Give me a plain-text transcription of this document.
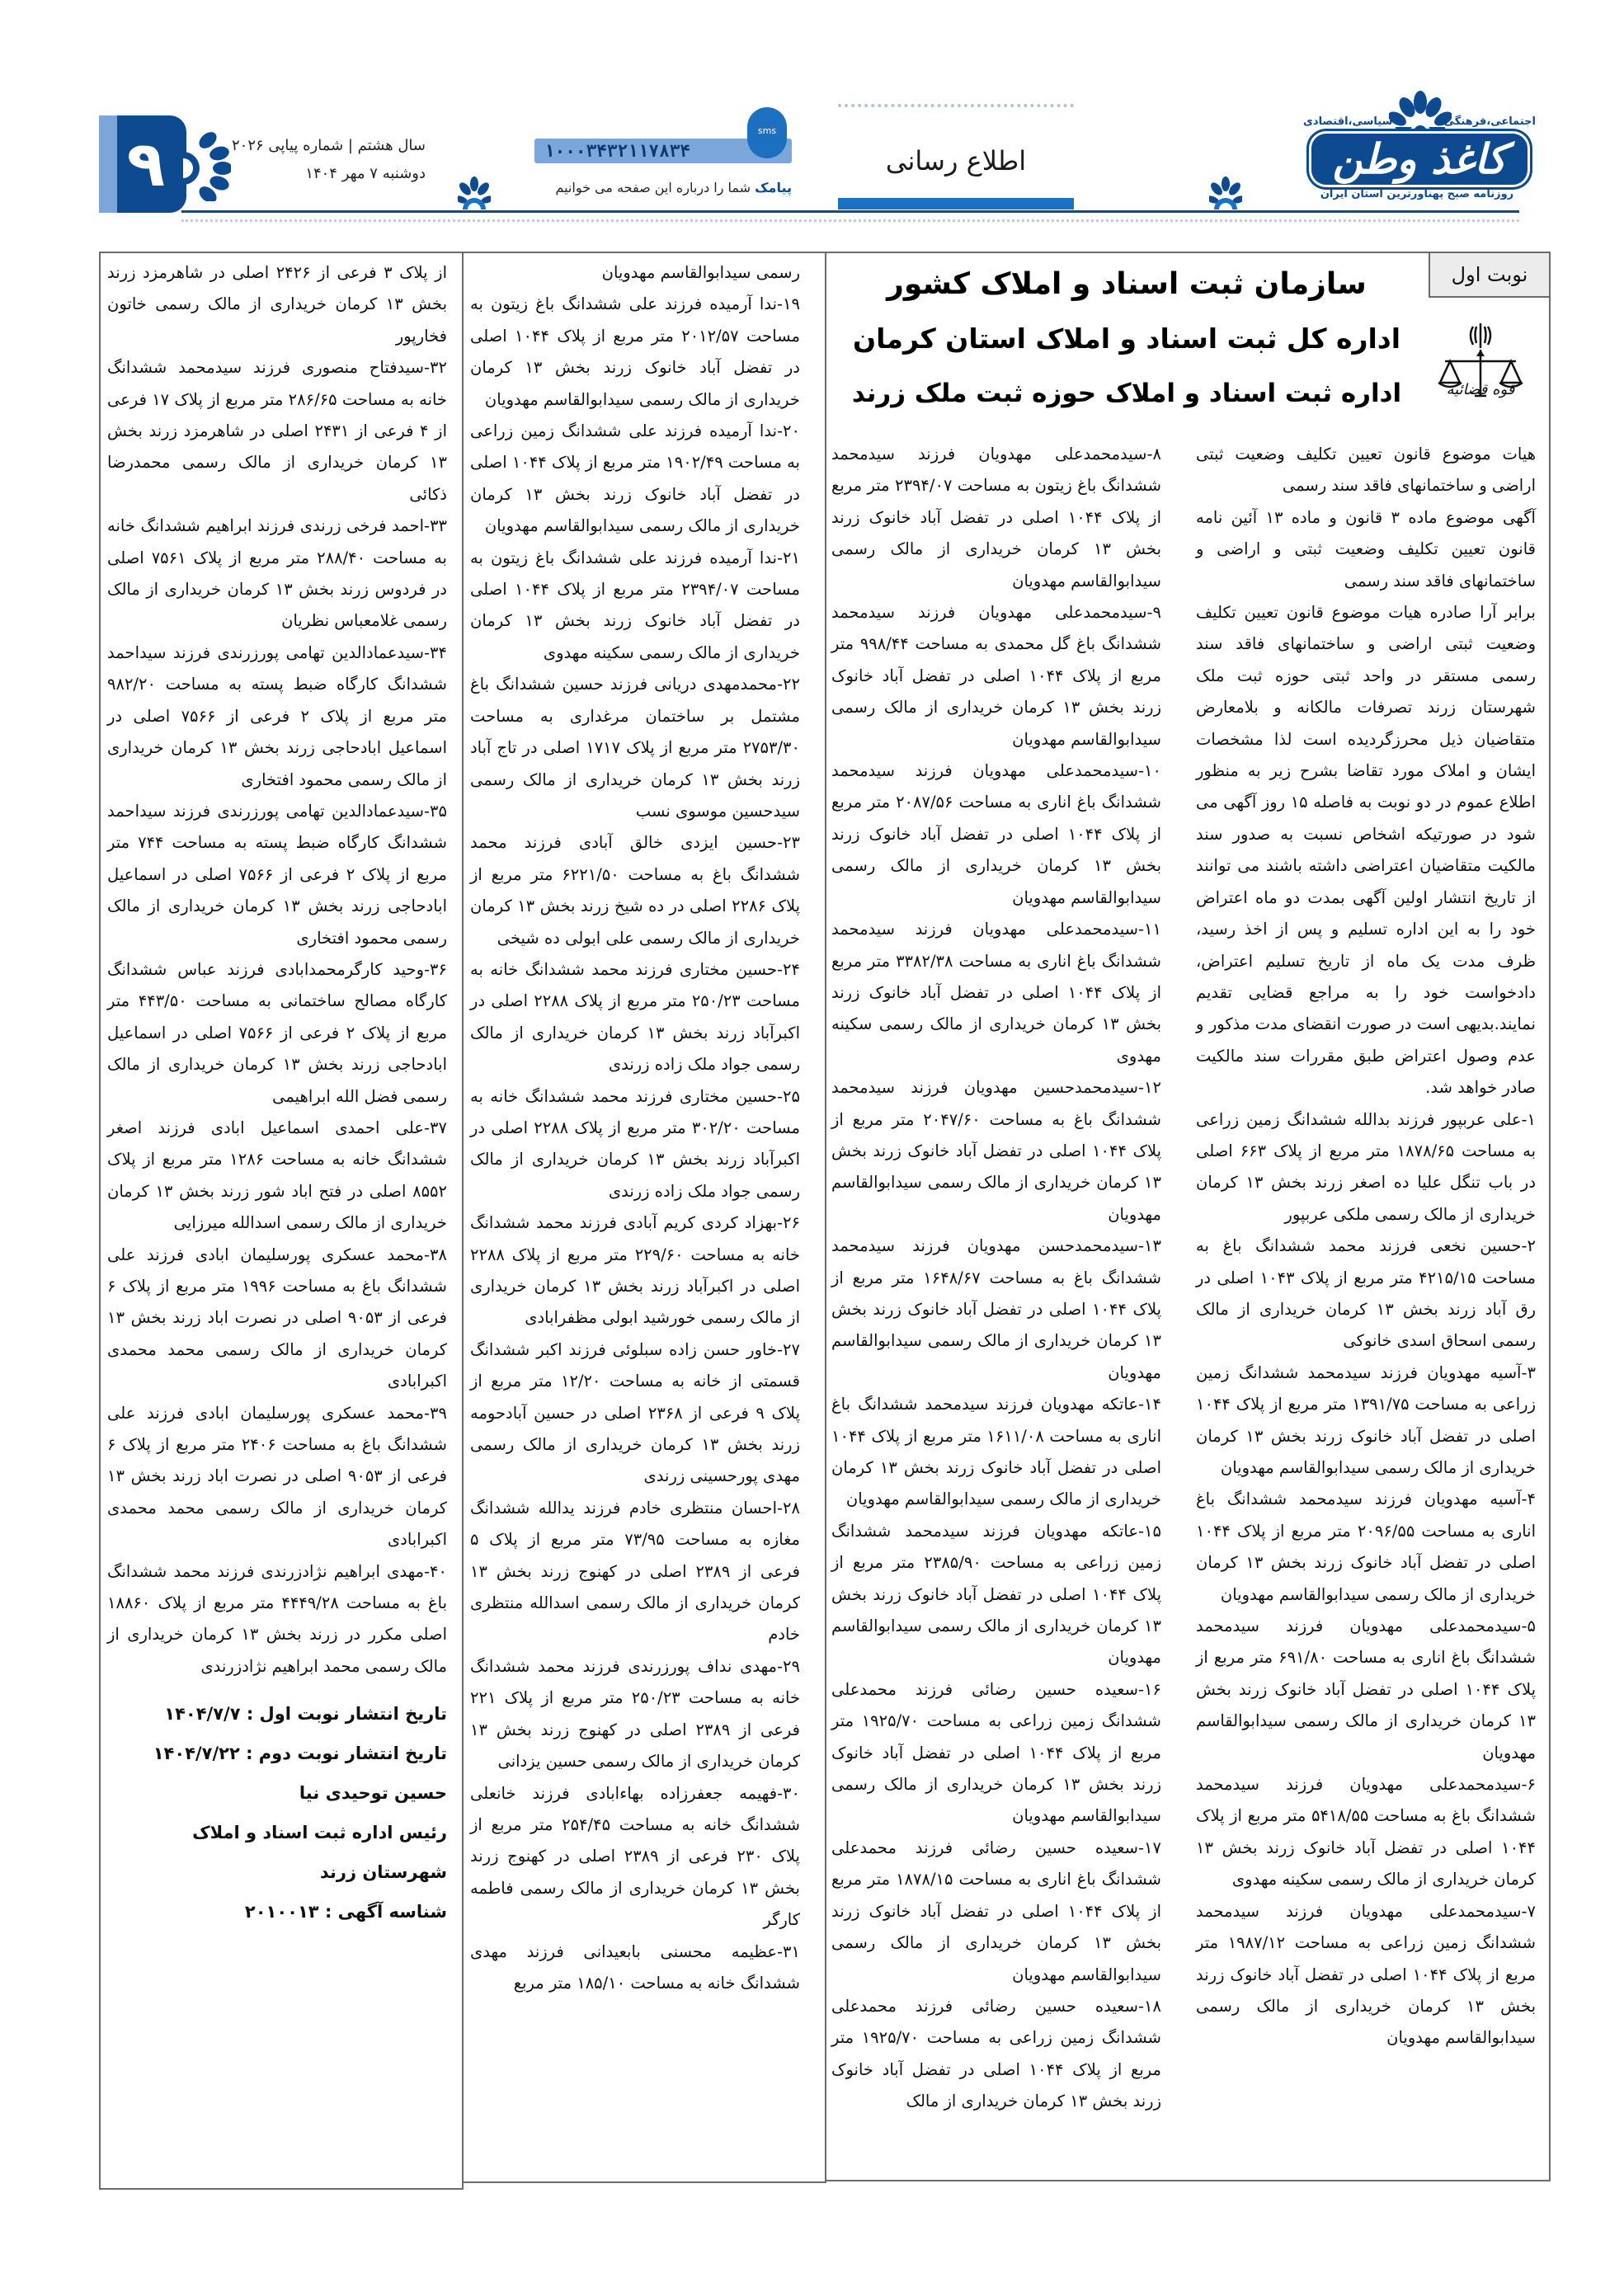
اجتماعی،فرهنگی
سیاسی،اقتصادی
کاغذ وطن
روزنامه صبح پهناورترین استان ایران
اطلاع رسانی
۱۰۰۰۳۴۳۲۱۱۷۸۳۴
sms
پیامک شما را درباره این صفحه می خوانیم
سال هشتم | شماره پیاپی ۲۰۲۶
دوشنبه ۷ مهر ۱۴۰۴
۹
نوبت اول
قوه قضائیه
سازمان ثبت اسناد و املاک کشور
اداره کل ثبت اسناد و املاک استان کرمان
اداره ثبت اسناد و املاک حوزه ثبت ملک زرند

هیات موضوع قانون تعیین تکلیف وضعیت ثبتی اراضی و ساختمانهای فاقد سند رسمی

آگهی موضوع ماده ۳ قانون و ماده ۱۳ آئین نامه قانون تعیین تکلیف وضعیت ثبتی و اراضی و ساختمانهای فاقد سند رسمی

برابر آرا صادره هیات موضوع قانون تعیین تکلیف وضعیت ثبتی اراضی و ساختمانهای فاقد سند رسمی مستقر در واحد ثبتی حوزه ثبت ملک شهرستان زرند تصرفات مالکانه و بلامعارض متقاضیان ذیل محرزگردیده است لذا مشخصات ایشان و املاک مورد تقاضا بشرح زیر به منظور اطلاع عموم در دو نوبت به فاصله ۱۵ روز آگهی می شود در صورتیکه اشخاص نسبت به صدور سند مالکیت متقاضیان اعتراضی داشته باشند می توانند از تاریخ انتشار اولین آگهی بمدت دو ماه اعتراض خود را به این اداره تسلیم و پس از اخذ رسید، ظرف مدت یک ماه از تاریخ تسلیم اعتراض، دادخواست خود را به مراجع قضایی تقدیم نمایند.بدیهی است در صورت انقضای مدت مذکور و عدم وصول اعتراض طبق مقررات سند مالکیت صادر خواهد شد.

۱-علی عربپور فرزند بدالله ششدانگ زمین زراعی به مساحت ۱۸۷۸/۶۵ متر مربع از پلاک ۶۶۳ اصلی در باب تنگل علیا ده اصغر زرند بخش ۱۳ کرمان خریداری از مالک رسمی ملکی عربپور

۲-حسین نخعی فرزند محمد ششدانگ باغ به مساحت ۴۲۱۵/۱۵ متر مربع از پلاک ۱۰۴۳ اصلی در رق آباد زرند بخش ۱۳ کرمان خریداری از مالک رسمی اسحاق اسدی خانوکی

۳-آسیه مهدویان فرزند سیدمحمد ششدانگ زمین زراعی به مساحت ۱۳۹۱/۷۵ متر مربع از پلاک ۱۰۴۴ اصلی در تفضل آباد خانوک زرند بخش ۱۳ کرمان خریداری از مالک رسمی سیدابوالقاسم مهدویان

۴-آسیه مهدویان فرزند سیدمحمد ششدانگ باغ اناری به مساحت ۲۰۹۶/۵۵ متر مربع از پلاک ۱۰۴۴ اصلی در تفضل آباد خانوک زرند بخش ۱۳ کرمان خریداری از مالک رسمی سیدابوالقاسم مهدویان

۵-سیدمحمدعلی مهدویان فرزند سیدمحمد ششدانگ باغ اناری به مساحت ۶۹۱/۸۰ متر مربع از پلاک ۱۰۴۴ اصلی در تفضل آباد خانوک زرند بخش ۱۳ کرمان خریداری از مالک رسمی سیدابوالقاسم مهدویان

۶-سیدمحمدعلی مهدویان فرزند سیدمحمد ششدانگ باغ به مساحت ۵۴۱۸/۵۵ متر مربع از پلاک ۱۰۴۴ اصلی در تفضل آباد خانوک زرند بخش ۱۳ کرمان خریداری از مالک رسمی سکینه مهدوی

۷-سیدمحمدعلی مهدویان فرزند سیدمحمد ششدانگ زمین زراعی به مساحت ۱۹۸۷/۱۲ متر مربع از پلاک ۱۰۴۴ اصلی در تفضل آباد خانوک زرند بخش ۱۳ کرمان خریداری از مالک رسمی سیدابوالقاسم مهدویان

۸-سیدمحمدعلی مهدویان فرزند سیدمحمد ششدانگ باغ زیتون به مساحت ۲۳۹۴/۰۷ متر مربع از پلاک ۱۰۴۴ اصلی در تفضل آباد خانوک زرند بخش ۱۳ کرمان خریداری از مالک رسمی سیدابوالقاسم مهدویان

۹-سیدمحمدعلی مهدویان فرزند سیدمحمد ششدانگ باغ گل محمدی به مساحت ۹۹۸/۴۴ متر مربع از پلاک ۱۰۴۴ اصلی در تفضل آباد خانوک زرند بخش ۱۳ کرمان خریداری از مالک رسمی سیدابوالقاسم مهدویان

۱۰-سیدمحمدعلی مهدویان فرزند سیدمحمد ششدانگ باغ اناری به مساحت ۲۰۸۷/۵۶ متر مربع از پلاک ۱۰۴۴ اصلی در تفضل آباد خانوک زرند بخش ۱۳ کرمان خریداری از مالک رسمی سیدابوالقاسم مهدویان

۱۱-سیدمحمدعلی مهدویان فرزند سیدمحمد ششدانگ باغ اناری به مساحت ۳۳۸۲/۳۸ متر مربع از پلاک ۱۰۴۴ اصلی در تفضل آباد خانوک زرند بخش ۱۳ کرمان خریداری از مالک رسمی سکینه مهدوی

۱۲-سیدمحمدحسین مهدویان فرزند سیدمحمد ششدانگ باغ به مساحت ۲۰۴۷/۶۰ متر مربع از پلاک ۱۰۴۴ اصلی در تفضل آباد خانوک زرند بخش ۱۳ کرمان خریداری از مالک رسمی سیدابوالقاسم مهدویان

۱۳-سیدمحمدحسن مهدویان فرزند سیدمحمد ششدانگ باغ به مساحت ۱۶۴۸/۶۷ متر مربع از پلاک ۱۰۴۴ اصلی در تفضل آباد خانوک زرند بخش ۱۳ کرمان خریداری از مالک رسمی سیدابوالقاسم مهدویان

۱۴-عاتکه مهدویان فرزند سیدمحمد ششدانگ باغ اناری به مساحت ۱۶۱۱/۰۸ متر مربع از پلاک ۱۰۴۴ اصلی در تفضل آباد خانوک زرند بخش ۱۳ کرمان خریداری از مالک رسمی سیدابوالقاسم مهدویان

۱۵-عاتکه مهدویان فرزند سیدمحمد ششدانگ زمین زراعی به مساحت ۲۳۸۵/۹۰ متر مربع از پلاک ۱۰۴۴ اصلی در تفضل آباد خانوک زرند بخش ۱۳ کرمان خریداری از مالک رسمی سیدابوالقاسم مهدویان

۱۶-سعیده حسین رضائی فرزند محمدعلی ششدانگ زمین زراعی به مساحت ۱۹۲۵/۷۰ متر مربع از پلاک ۱۰۴۴ اصلی در تفضل آباد خانوک زرند بخش ۱۳ کرمان خریداری از مالک رسمی سیدابوالقاسم مهدویان

۱۷-سعیده حسین رضائی فرزند محمدعلی ششدانگ باغ اناری به مساحت ۱۸۷۸/۱۵ متر مربع از پلاک ۱۰۴۴ اصلی در تفضل آباد خانوک زرند بخش ۱۳ کرمان خریداری از مالک رسمی سیدابوالقاسم مهدویان

۱۸-سعیده حسین رضائی فرزند محمدعلی ششدانگ زمین زراعی به مساحت ۱۹۲۵/۷۰ متر مربع از پلاک ۱۰۴۴ اصلی در تفضل آباد خانوک زرند بخش ۱۳ کرمان خریداری از مالک

رسمی سیدابوالقاسم مهدویان

۱۹-ندا آرمیده فرزند علی ششدانگ باغ زیتون به مساحت ۲۰۱۲/۵۷ متر مربع از پلاک ۱۰۴۴ اصلی در تفضل آباد خانوک زرند بخش ۱۳ کرمان خریداری از مالک رسمی سیدابوالقاسم مهدویان

۲۰-ندا آرمیده فرزند علی ششدانگ زمین زراعی به مساحت ۱۹۰۲/۴۹ متر مربع از پلاک ۱۰۴۴ اصلی در تفضل آباد خانوک زرند بخش ۱۳ کرمان خریداری از مالک رسمی سیدابوالقاسم مهدویان

۲۱-ندا آرمیده فرزند علی ششدانگ باغ زیتون به مساحت ۲۳۹۴/۰۷ متر مربع از پلاک ۱۰۴۴ اصلی در تفضل آباد خانوک زرند بخش ۱۳ کرمان خریداری از مالک رسمی سکینه مهدوی

۲۲-محمدمهدی دریانی فرزند حسین ششدانگ باغ مشتمل بر ساختمان مرغداری به مساحت ۲۷۵۳/۳۰ متر مربع از پلاک ۱۷۱۷ اصلی در تاج آباد زرند بخش ۱۳ کرمان خریداری از مالک رسمی سیدحسین موسوی نسب

۲۳-حسین ایزدی خالق آبادی فرزند محمد ششدانگ باغ به مساحت ۶۲۲۱/۵۰ متر مربع از پلاک ۲۲۸۶ اصلی در ده شیخ زرند بخش ۱۳ کرمان خریداری از مالک رسمی علی ابولی ده شیخی

۲۴-حسین مختاری فرزند محمد ششدانگ خانه به مساحت ۲۵۰/۲۳ متر مربع از پلاک ۲۲۸۸ اصلی در اکبرآباد زرند بخش ۱۳ کرمان خریداری از مالک رسمی جواد ملک زاده زرندی

۲۵-حسین مختاری فرزند محمد ششدانگ خانه به مساحت ۳۰۲/۲۰ متر مربع از پلاک ۲۲۸۸ اصلی در اکبرآباد زرند بخش ۱۳ کرمان خریداری از مالک رسمی جواد ملک زاده زرندی

۲۶-بهزاد کردی کریم آبادی فرزند محمد ششدانگ خانه به مساحت ۲۲۹/۶۰ متر مربع از پلاک ۲۲۸۸ اصلی در اکبرآباد زرند بخش ۱۳ کرمان خریداری از مالک رسمی خورشید ابولی مظفرابادی

۲۷-خاور حسن زاده سبلوئی فرزند اکبر ششدانگ قسمتی از خانه به مساحت ۱۲/۲۰ متر مربع از پلاک ۹ فرعی از ۲۳۶۸ اصلی در حسین آبادحومه زرند بخش ۱۳ کرمان خریداری از مالک رسمی مهدی پورحسینی زرندی

۲۸-احسان منتظری خادم فرزند یدالله ششدانگ مغازه به مساحت ۷۳/۹۵ متر مربع از پلاک ۵ فرعی از ۲۳۸۹ اصلی در کهنوج زرند بخش ۱۳ کرمان خریداری از مالک رسمی اسدالله منتظری خادم

۲۹-مهدی نداف پورزرندی فرزند محمد ششدانگ خانه به مساحت ۲۵۰/۲۳ متر مربع از پلاک ۲۲۱ فرعی از ۲۳۸۹ اصلی در کهنوج زرند بخش ۱۳ کرمان خریداری از مالک رسمی حسین یزدانی

۳۰-فهیمه جعفرزاده بهاءابادی فرزند خانعلی ششدانگ خانه به مساحت ۲۵۴/۴۵ متر مربع از پلاک ۲۳۰ فرعی از ۲۳۸۹ اصلی در کهنوج زرند بخش ۱۳ کرمان خریداری از مالک رسمی فاطمه کارگر

۳۱-عظیمه محسنی بابعیدانی فرزند مهدی ششدانگ خانه به مساحت ۱۸۵/۱۰ متر مربع

از پلاک ۳ فرعی از ۲۴۲۶ اصلی در شاهرمزد زرند بخش ۱۳ کرمان خریداری از مالک رسمی خاتون فخارپور

۳۲-سیدفتاح منصوری فرزند سیدمحمد ششدانگ خانه به مساحت ۲۸۶/۶۵ متر مربع از پلاک ۱۷ فرعی از ۴ فرعی از ۲۴۳۱ اصلی در شاهرمزد زرند بخش ۱۳ کرمان خریداری از مالک رسمی محمدرضا ذکائی

۳۳-احمد فرخی زرندی فرزند ابراهیم ششدانگ خانه به مساحت ۲۸۸/۴۰ متر مربع از پلاک ۷۵۶۱ اصلی در فردوس زرند بخش ۱۳ کرمان خریداری از مالک رسمی غلامعباس نظریان

۳۴-سیدعمادالدین تهامی پورزرندی فرزند سیداحمد ششدانگ کارگاه ضبط پسته به مساحت ۹۸۲/۲۰ متر مربع از پلاک ۲ فرعی از ۷۵۶۶ اصلی در اسماعیل ابادحاجی زرند بخش ۱۳ کرمان خریداری از مالک رسمی محمود افتخاری

۳۵-سیدعمادالدین تهامی پورزرندی فرزند سیداحمد ششدانگ کارگاه ضبط پسته به مساحت ۷۴۴ متر مربع از پلاک ۲ فرعی از ۷۵۶۶ اصلی در اسماعیل ابادحاجی زرند بخش ۱۳ کرمان خریداری از مالک رسمی محمود افتخاری

۳۶-وحید کارگرمحمدابادی فرزند عباس ششدانگ کارگاه مصالح ساختمانی به مساحت ۴۴۳/۵۰ متر مربع از پلاک ۲ فرعی از ۷۵۶۶ اصلی در اسماعیل ابادحاجی زرند بخش ۱۳ کرمان خریداری از مالک رسمی فضل الله ابراهیمی

۳۷-علی احمدی اسماعیل ابادی فرزند اصغر ششدانگ خانه به مساحت ۱۲۸۶ متر مربع از پلاک ۸۵۵۲ اصلی در فتح اباد شور زرند بخش ۱۳ کرمان خریداری از مالک رسمی اسدالله میرزایی

۳۸-محمد عسکری پورسلیمان ابادی فرزند علی ششدانگ باغ به مساحت ۱۹۹۶ متر مربع از پلاک ۶ فرعی از ۹۰۵۳ اصلی در نصرت اباد زرند بخش ۱۳ کرمان خریداری از مالک رسمی محمد محمدی اکبرابادی

۳۹-محمد عسکری پورسلیمان ابادی فرزند علی ششدانگ باغ به مساحت ۲۴۰۶ متر مربع از پلاک ۶ فرعی از ۹۰۵۳ اصلی در نصرت اباد زرند بخش ۱۳ کرمان خریداری از مالک رسمی محمد محمدی اکبرابادی

۴۰-مهدی ابراهیم نژادزرندی فرزند محمد ششدانگ باغ به مساحت ۴۴۴۹/۲۸ متر مربع از پلاک ۱۸۸۶۰ اصلی مکرر در زرند بخش ۱۳ کرمان خریداری از مالک رسمی محمد ابراهیم نژادزرندی

تاریخ انتشار نوبت اول : ۱۴۰۴/۷/۷

تاریخ انتشار نوبت دوم : ۱۴۰۴/۷/۲۲

حسین توحیدی نیا

رئیس اداره ثبت اسناد و املاک شهرستان زرند

شناسه آگهی : ۲۰۱۰۰۱۳
